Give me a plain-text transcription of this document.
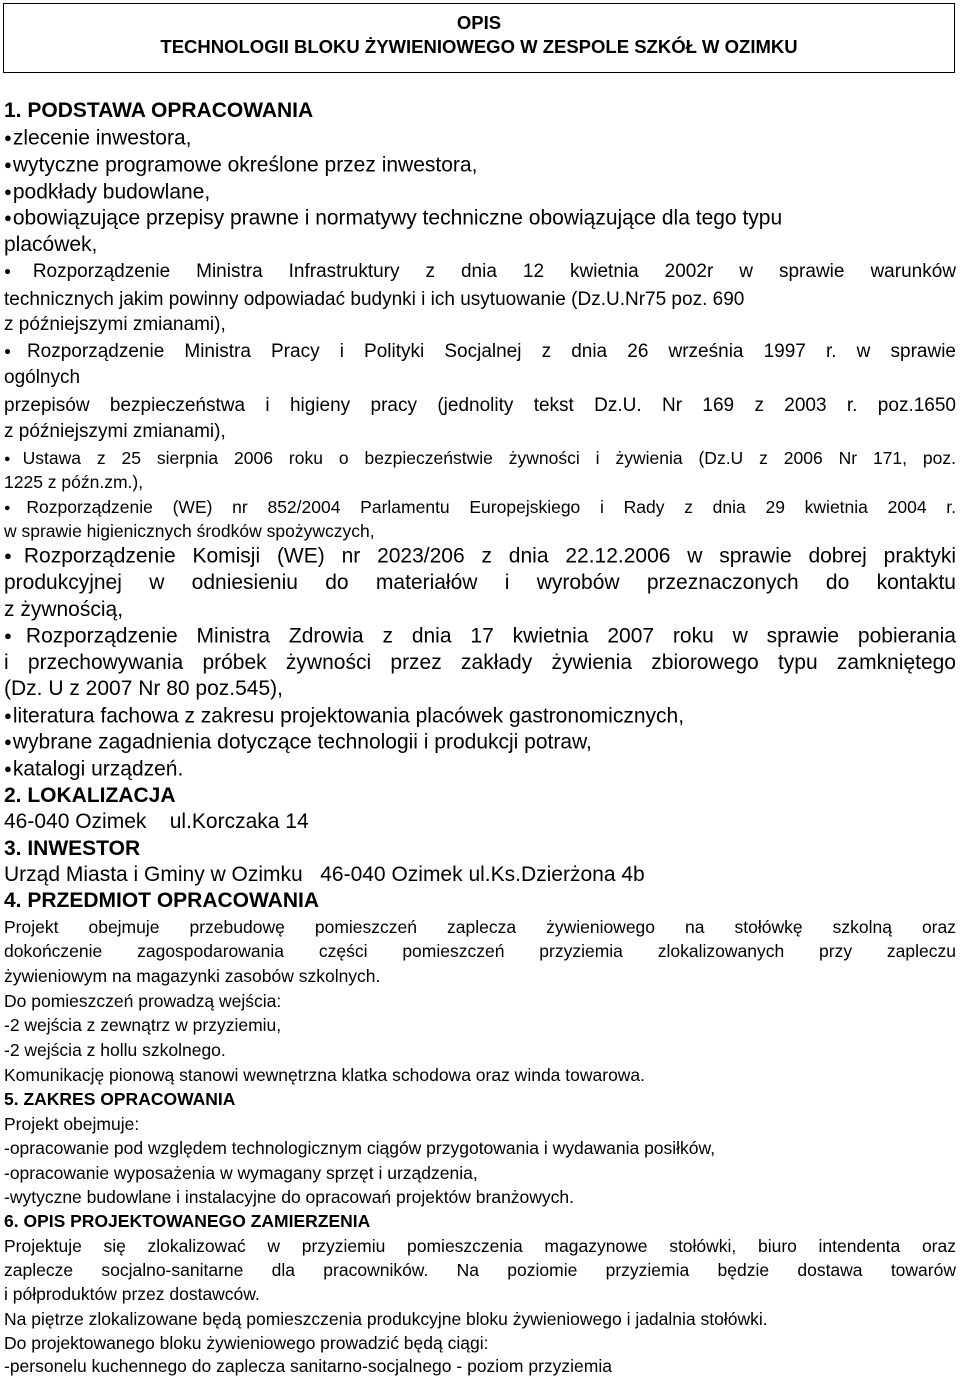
OPIS
TECHNOLOGII BLOKU ŻYWIENIOWEGO W ZESPOLE SZKÓŁ W OZIMKU
1. PODSTAWA OPRACOWANIA
● zlecenie inwestora,
● wytyczne programowe określone przez inwestora,
● podkłady budowlane,
● obowiązujące przepisy prawne i normatywy techniczne obowiązujące dla tego typu
placówek,
● Rozporządzenie Ministra Infrastruktury z dnia 12 kwietnia 2002r w sprawie warunków
technicznych jakim powinny odpowiadać budynki i ich usytuowanie (Dz.U.Nr75 poz. 690
z późniejszymi zmianami),
● Rozporządzenie Ministra Pracy i Polityki Socjalnej z dnia 26 września 1997 r. w sprawie
ogólnych
przepisów bezpieczeństwa i higieny pracy (jednolity tekst Dz.U. Nr 169 z 2003 r. poz.1650
z późniejszymi zmianami),
● Ustawa z 25 sierpnia 2006 roku o bezpieczeństwie żywności i żywienia (Dz.U z 2006 Nr 171, poz.
1225 z późn.zm.),
● Rozporządzenie (WE) nr 852/2004 Parlamentu Europejskiego i Rady z dnia 29 kwietnia 2004 r.
w sprawie higienicznych środków spożywczych,
● Rozporządzenie Komisji (WE) nr 2023/206 z dnia 22.12.2006 w sprawie dobrej praktyki
produkcyjnej w odniesieniu do materiałów i wyrobów przeznaczonych do kontaktu
z żywnością,
● Rozporządzenie Ministra Zdrowia z dnia 17 kwietnia 2007 roku w sprawie pobierania
i przechowywania próbek żywności przez zakłady żywienia zbiorowego typu zamkniętego
(Dz. U z 2007 Nr 80 poz.545),
● literatura fachowa z zakresu projektowania placówek gastronomicznych,
● wybrane zagadnienia dotyczące technologii i produkcji potraw,
● katalogi urządzeń.
2. LOKALIZACJA
46-040 Ozimek    ul.Korczaka 14
3. INWESTOR
Urząd Miasta i Gminy w Ozimku   46-040 Ozimek ul.Ks.Dzierżona 4b
4. PRZEDMIOT OPRACOWANIA
Projekt obejmuje przebudowę pomieszczeń zaplecza żywieniowego na stołówkę szkolną oraz
dokończenie zagospodarowania części pomieszczeń przyziemia zlokalizowanych przy zapleczu
żywieniowym na magazynki zasobów szkolnych.
Do pomieszczeń prowadzą wejścia:
-2 wejścia z zewnątrz w przyziemiu,
-2 wejścia z hollu szkolnego.
Komunikację pionową stanowi wewnętrzna klatka schodowa oraz winda towarowa.
5. ZAKRES OPRACOWANIA
Projekt obejmuje:
-opracowanie pod względem technologicznym ciągów przygotowania i wydawania posiłków,
-opracowanie wyposażenia w wymagany sprzęt i urządzenia,
-wytyczne budowlane i instalacyjne do opracowań projektów branżowych.
6. OPIS PROJEKTOWANEGO ZAMIERZENIA
Projektuje się zlokalizować w przyziemiu pomieszczenia magazynowe stołówki, biuro intendenta oraz
zaplecze socjalno-sanitarne dla pracowników. Na poziomie przyziemia będzie dostawa towarów
i półproduktów przez dostawców.
Na piętrze zlokalizowane będą pomieszczenia produkcyjne bloku żywieniowego i jadalnia stołówki.
Do projektowanego bloku żywieniowego prowadzić będą ciągi:
-personelu kuchennego do zaplecza sanitarno-socjalnego - poziom przyziemia
